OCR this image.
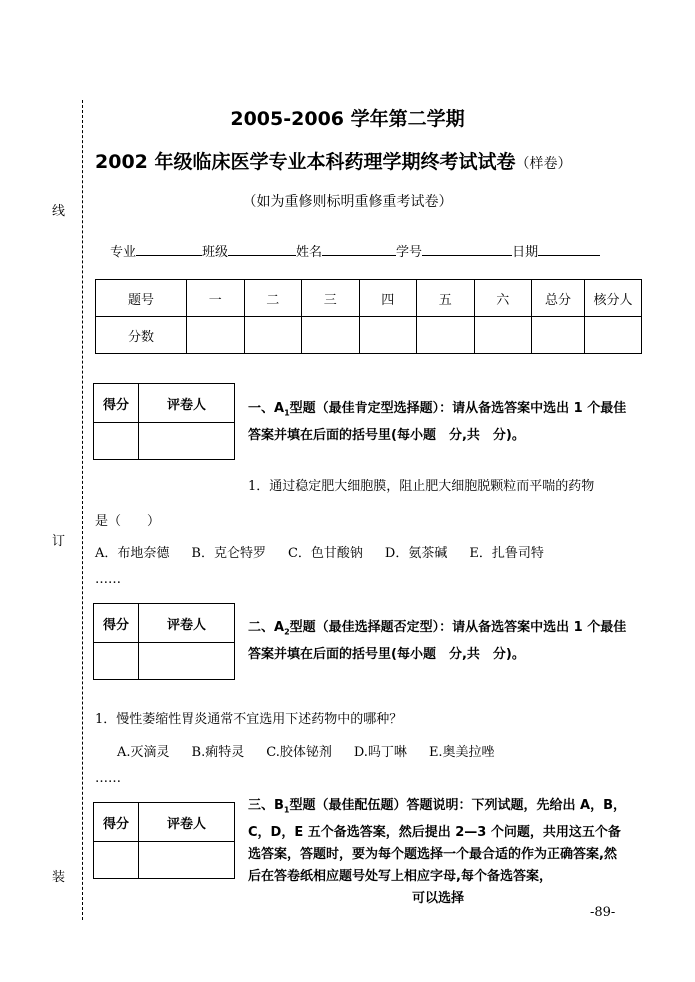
线
订
装
2005-2006 学年第二学期
2002 年级临床医学专业本科药理学期终考试试卷（样卷）
（如为重修则标明重修重考试卷）
专业	班级	姓名	学号	日期
题号	一	二	三	四	五	六	总分	核分人
分数								
得分	评卷人
		一、$A_1$型题（最佳肯定型选择题）：请从备选答案中选出 1 个最佳答案并填在后面的括号里(每小题　分,共　分)。
1．通过稳定肥大细胞膜，阻止肥大细胞脱颗粒而平喘的药物
是（　　）
A．布地奈德 B．克仑特罗 C．色甘酸钠 D．氨茶碱 E．扎鲁司特
……
得分	评卷人
		二、$A_2$型题（最佳选择题否定型）：请从备选答案中选出 1 个最佳答案并填在后面的括号里(每小题　分,共　分)。
1．慢性萎缩性胃炎通常不宜选用下述药物中的哪种？
A.灭滴灵 B.痢特灵 C.胶体铋剂 D.吗丁啉 E.奥美拉唑
……
得分	评卷人

三、$B_1$型题（最佳配伍题）答题说明：下列试题，先给出 A，B，C，D，E 五个备选答案，然后提出 2—3 个问题，共用这五个备选答案，答题时，要为每个题选择一个最合适的作为正确答案,然后在答卷纸相应题号处写上相应字母,每个备选答案，
可以选择
-89-
